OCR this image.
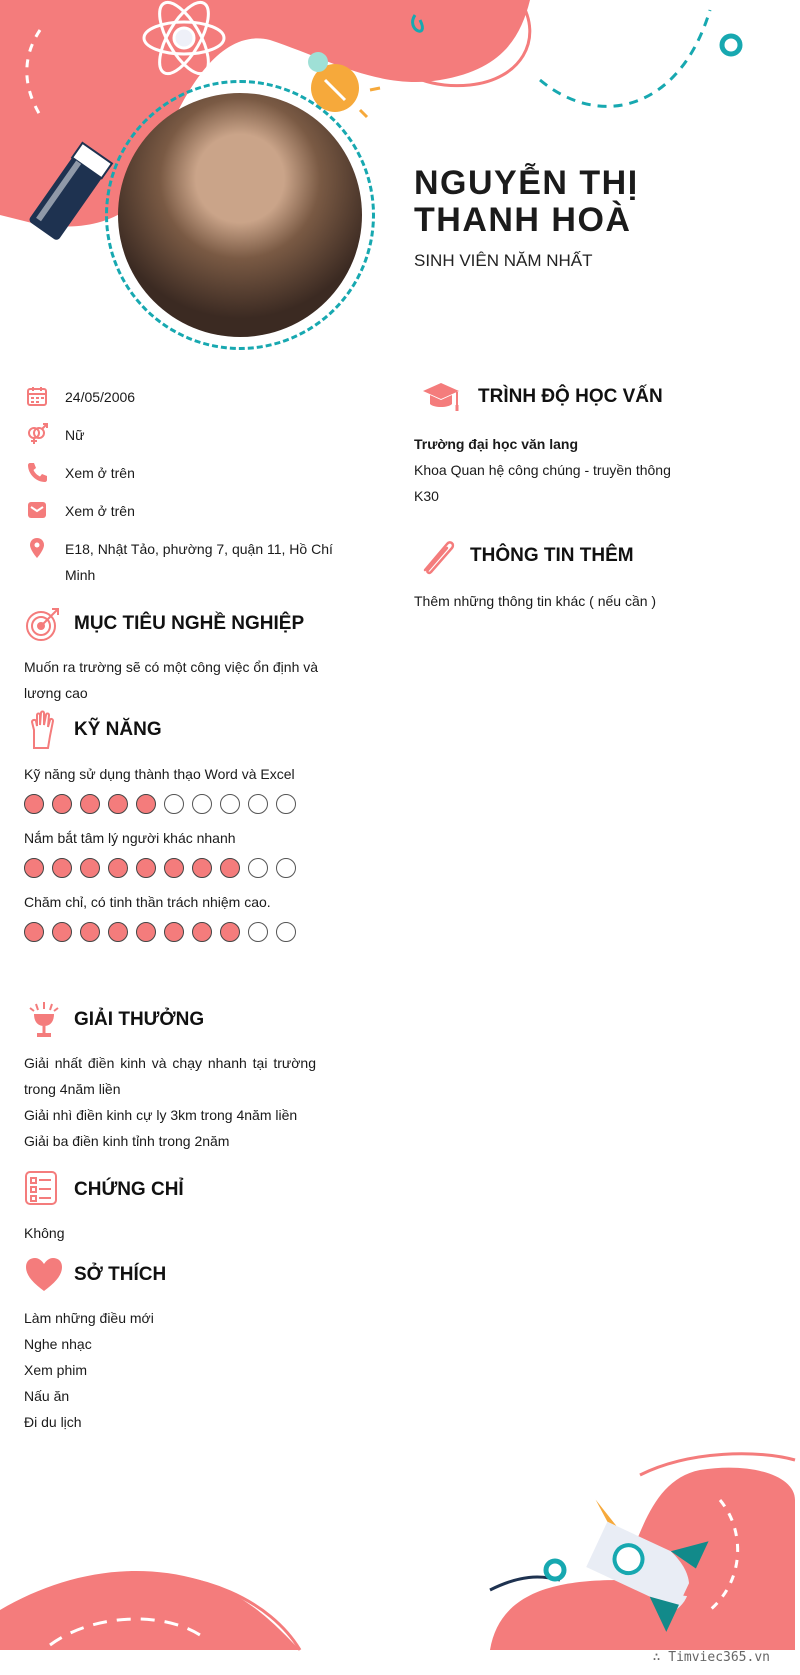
NGUYỄN THỊ THANH HOÀ

SINH VIÊN NĂM NHẤT

24/05/2006
Nữ
Xem ở trên
Xem ở trên
E18, Nhật Tảo, phường 7, quận 11, Hồ Chí Minh
MỤC TIÊU NGHỀ NGHIỆP

Muốn ra trường sẽ có một công việc ổn định và lương cao

KỸ NĂNG

Kỹ năng sử dụng thành thạo Word và Excel

Nắm bắt tâm lý người khác nhanh

Chăm chỉ, có tinh thần trách nhiệm cao.

GIẢI THƯỞNG

Giải nhất điền kinh và chạy nhanh tại trường trong 4năm liền

Giải nhì điền kinh cự ly 3km trong 4năm liền

Giải ba điền kinh tỉnh trong 2năm

CHỨNG CHỈ

Không

SỞ THÍCH

Làm những điều mới

Nghe nhạc

Xem phim

Nấu ăn

Đi du lịch

TRÌNH ĐỘ HỌC VẤN

Trường đại học văn lang

Khoa Quan hệ công chúng - truyền thông

K30

THÔNG TIN THÊM

Thêm những thông tin khác ( nếu cần )

∴ Timviec365.vn
